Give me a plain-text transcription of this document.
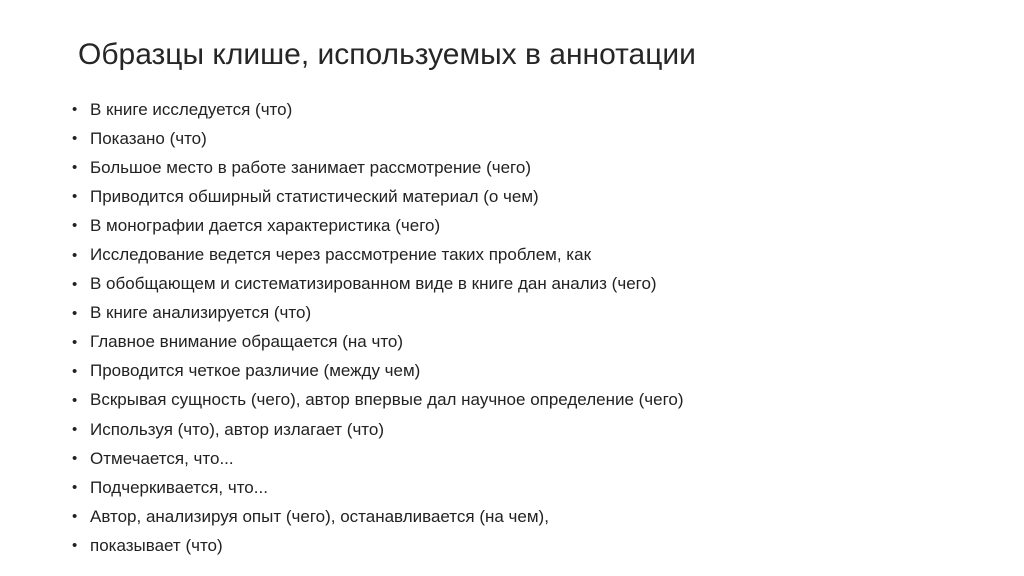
Образцы клише, используемых в аннотации
• В книге исследуется (что)
• Показано (что)
• Большое место в работе занимает рассмотрение (чего)
• Приводится обширный статистический материал (о чем)
• В монографии дается характеристика (чего)
• Исследование ведется через рассмотрение таких проблем, как
• В обобщающем и систематизированном виде в книге дан анализ (чего)
• В книге анализируется (что)
• Главное внимание обращается (на что)
• Проводится четкое различие (между чем)
• Вскрывая сущность (чего), автор впервые дал научное определение (чего)
• Используя (что), автор излагает (что)
• Отмечается, что...
• Подчеркивается, что...
• Автор, анализируя опыт (чего), останавливается (на чем),
• показывает (что)
